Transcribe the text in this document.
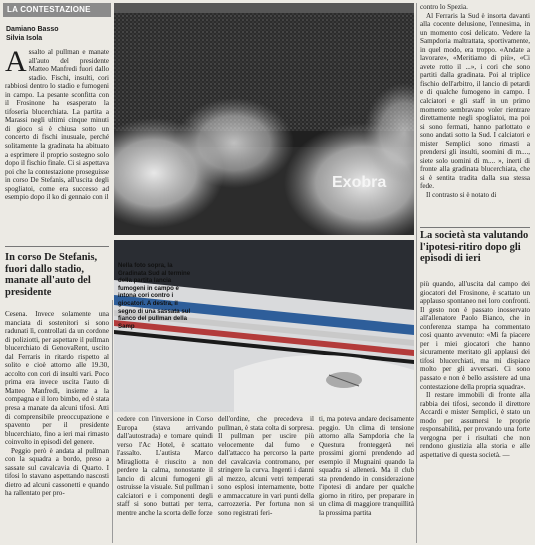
LA CONTESTAZIONE
Damiano Basso
Silvia Isola
A ssalto al pullman e manate all'auto del presidente Matteo Manfredi fuori dallo stadio. Fischi, insulti, cori rabbiosi dentro lo stadio e fumogeni in campo. La pesante sconfitta con il Frosinone ha esasperato la tifoseria blucerchiata. La partita a Marassi negli ultimi cinque minuti di gioco si è chiusa sotto un concerto di fischi inusuale, perché solitamente la gradinata ha abituato a esprimere il proprio sostegno solo dopo il fischio finale. Ci si aspettava poi che la contestazione proseguisse in corso De Stefanis, all'uscita degli spogliatoi, come era successo ad esempio dopo il ko di gennaio con il

Exobra
In corso De Stefanis, fuori dallo stadio, manate all'auto del presidente
Nella foto sopra, la Gradinata Sud al termine della partita lancia fumogeni in campo e intona cori contro i giocatori. A destra, il segno di una sassata sul fianco del pullman della Samp

Cesena. Invece solamente una manciata di sostenitori si sono radunati lì, controllati da un cordone di poliziotti, per aspettare il pullman blucerchiato di GenovaRent, uscito dal Ferraris in ritardo rispetto al solito e cioè attorno alle 19.30, accolto con cori di insulti vari. Poco prima era invece uscita l'auto di Matteo Manfredi, insieme a la compagna e il loro bimbo, ed è stata presa a manate da alcuni tifosi. Atti di comprensibile preoccupazione e spavento per il presidente blucerchiato, fino a ieri mai rimasto coinvolto in episodi del genere.

Peggio però è andata al pullman con la squadra a bordo, preso a sassate sul cavalcavia di Quarto. I tifosi lo stavano aspettando nascosti dietro ad alcuni cassonetti e quando ha rallentato per pro-

cedere con l'inversione in Corso Europa (stava arrivando dall'autostrada) e tornare quindi verso l'Ac Hotel, è scattato l'assalto. L'autista Marco Miragliotta è riuscito a non perdere la calma, nonostante il lancio di alcuni fumogeni gli ostruisse la visuale. Sul pullman i calciatori e i componenti degli staff si sono buttati per terra, mentre anche la scorta delle forze

dell'ordine, che precedeva il pullman, è stata colta di sorpresa. Il pullman per uscire più velocemente dal fumo e dall'attacco ha percorso la parte del cavalcavia contromano, per stringere la curva. Ingenti i danni al mezzo, alcuni vetri temperati sono esplosi internamente, botte e ammaccature in vari punti della carrozzeria. Per fortuna non si sono registrati feri-

ti, ma poteva andare decisamente peggio. Un clima di tensione attorno alla Sampdoria che la Questura fronteggerà nei prossimi giorni prendendo ad esempio il Mugnaini quando la squadra si allenerà. Ma il club sta prendendo in considerazione l'ipotesi di andare per qualche giorno in ritiro, per preparare in un clima di maggiore tranquillità la prossima partita

contro lo Spezia.

Al Ferraris la Sud è insorta davanti alla cocente delusione, l'ennesima, in un momento così delicato. Vedere la Sampdoria maltrattata, sportivamente, in quel modo, era troppo. «Andate a lavorare», «Meritiamo di più», «Ci avete rotto il ...», i cori che sono partiti dalla gradinata. Poi al triplice fischio dell'arbitro, il lancio di petardi e di qualche fumogeno in campo. I calciatori e gli staff in un primo momento sembravano voler rientrare direttamente negli spogliatoi, ma poi si sono fermati, hanno parlottato e sono andati sotto la Sud. I calciatori e mister Semplici sono rimasti a prendersi gli insulti, soomini di m...., siete solo uomini di m.... », inerti di fronte alla gradinata blucerchiata, che si è sentita tradita dalla sua stessa fede.

Il contrasto si è notato di

La società sta valutando l'ipotesi-ritiro dopo gli episodi di ieri

più quando, all'uscita dal campo dei giocatori del Frosinone, è scattato un applauso spontaneo nei loro confronti. Il gesto non è passato inosservato all'allenatore Paolo Bianco, che in conferenza stampa ha commentato così quanto avvenuto: «Mi fa piacere per i miei giocatori che hanno sicuramente meritato gli applausi dei tifosi blucerchiati, ma mi dispiace molto per gli avversari. Ci sono passato e non è bello assistere ad una contestazione della propria squadra».

Il restare immobili di fronte alla rabbia dei tifosi, secondo il direttore Accardi e mister Semplici, è stato un modo per assumersi le proprie responsabilità, per provando una forte vergogna per i risultati che non rendono giustizia alla storia e alle aspettative di questa società. —
